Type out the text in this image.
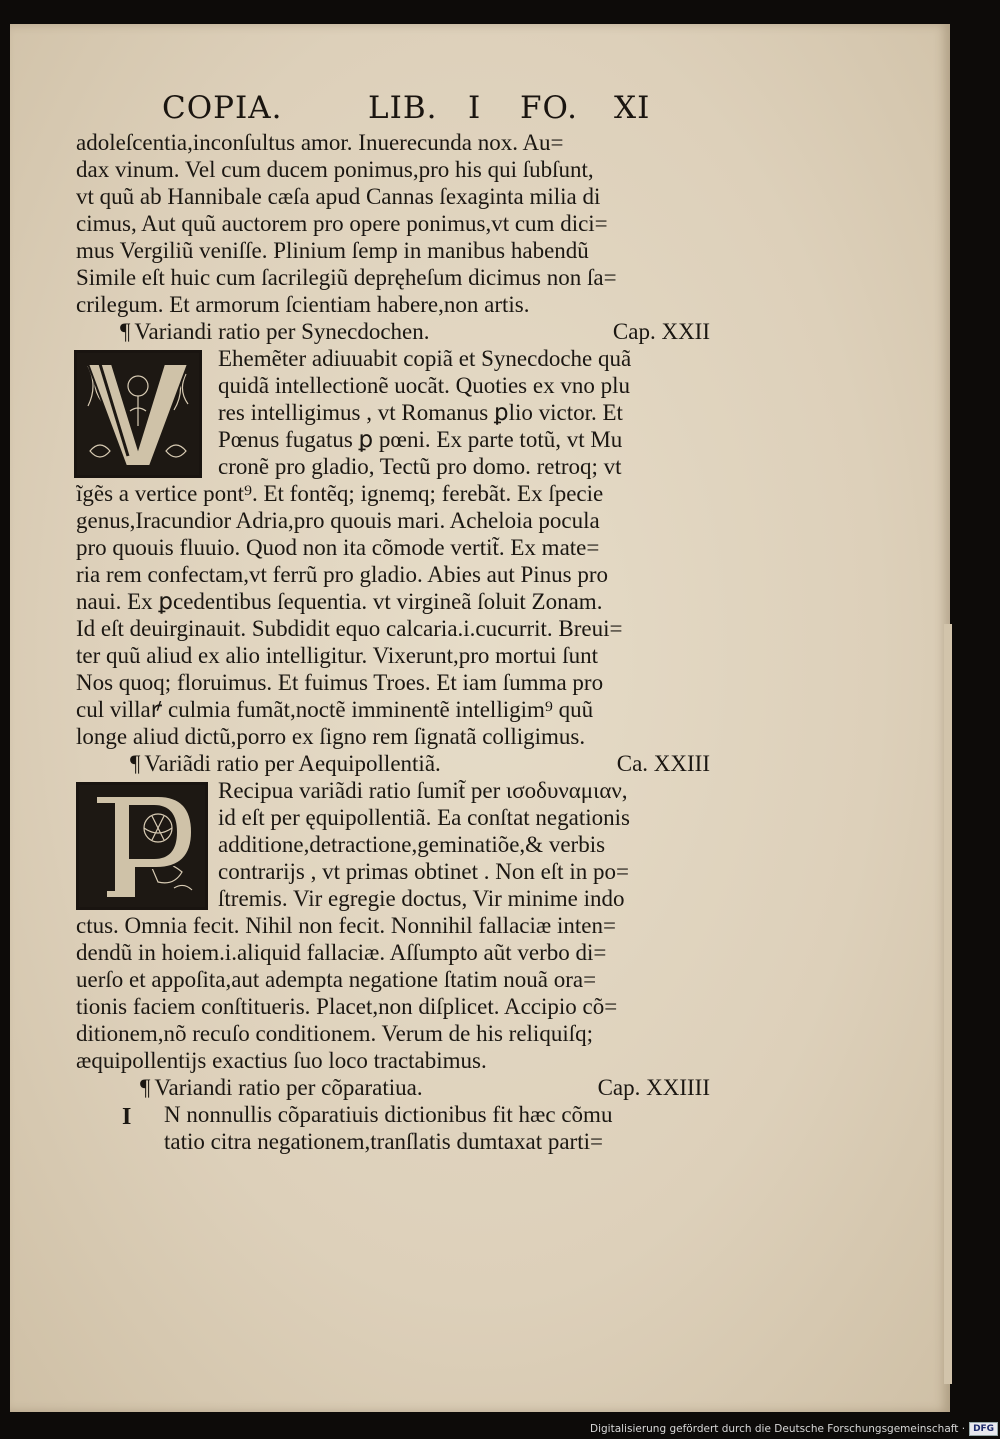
COPIA.	LIB. I FO. XI
adoleſcentia,inconſultus amor. Inuerecunda nox. Au=
dax vinum. Vel cum ducem ponimus,pro his qui ſubſunt,
vt quũ ab Hannibale cæſa apud Cannas ſexaginta milia di
cimus, Aut quũ auctorem pro opere ponimus,vt cum dici=
mus Vergiliũ veniſſe. Plinium ſemp in manibus habendũ
Simile eſt huic cum ſacrilegiũ depręheſum dicimus non ſa=
crilegum. Et armorum ſcientiam habere,non artis.
¶ Variandi ratio per Synecdochen.	Cap. XXII
Ehemẽter adiuuabit copiã et Synecdoche quã
quidã intellectionẽ uocãt. Quoties ex vno plu
res intelligimus , vt Romanus ꝑlio victor. Et
Pœnus fugatus ꝑ pœni. Ex parte totũ, vt Mu
cronẽ pro gladio, Tectũ pro domo. retroq; vt
ĩgẽs a vertice pont⁹. Et fontẽq; ignemq; ferebãt. Ex ſpecie
genus,Iracundior Adria,pro quouis mari. Acheloia pocula
pro quouis fluuio. Quod non ita cõmode vertit̃. Ex mate=
ria rem confectam,vt ferrũ pro gladio. Abies aut Pinus pro
naui. Ex ꝑcedentibus ſequentia. vt virgineã ſoluit Zonam.
Id eſt deuirginauit. Subdidit equo calcaria.i.cucurrit. Breui=
ter quũ aliud ex alio intelligitur. Vixerunt,pro mortui ſunt
Nos quoq; floruimus. Et fuimus Troes. Et iam ſumma pro
cul villaꝵ culmia fumãt,noctẽ imminentẽ intelligim⁹ quũ
longe aliud dictũ,porro ex ſigno rem ſignatã colligimus.
¶ Variãdi ratio per Aequipollentiã.	Ca. XXIII
Recipua variãdi ratio ſumit̃ per ισοδυναμιαν,
id eſt per ęquipollentiã. Ea conſtat negationis
additione,detractione,geminatiõe,& verbis
contrarijs , vt primas obtinet . Non eſt in po=
ſtremis. Vir egregie doctus, Vir minime indo
ctus. Omnia fecit. Nihil non fecit. Nonnihil fallaciæ inten=
dendũ in hoiem.i.aliquid fallaciæ. Aſſumpto aũt verbo di=
uerſo et appoſita,aut adempta negatione ſtatim nouã ora=
tionis faciem conſtitueris. Placet,non diſplicet. Accipio cõ=
ditionem,nõ recuſo conditionem. Verum de his reliquiſq;
æquipollentijs exactius ſuo loco tractabimus.
¶ Variandi ratio per cõparatiua.	Cap. XXIIII
N nonnullis cõparatiuis dictionibus fit hæc cõmu
tatio citra negationem,tranſlatis dumtaxat parti=
I
Digitalisierung gefördert durch die Deutsche Forschungsgemeinschaft · DFG
